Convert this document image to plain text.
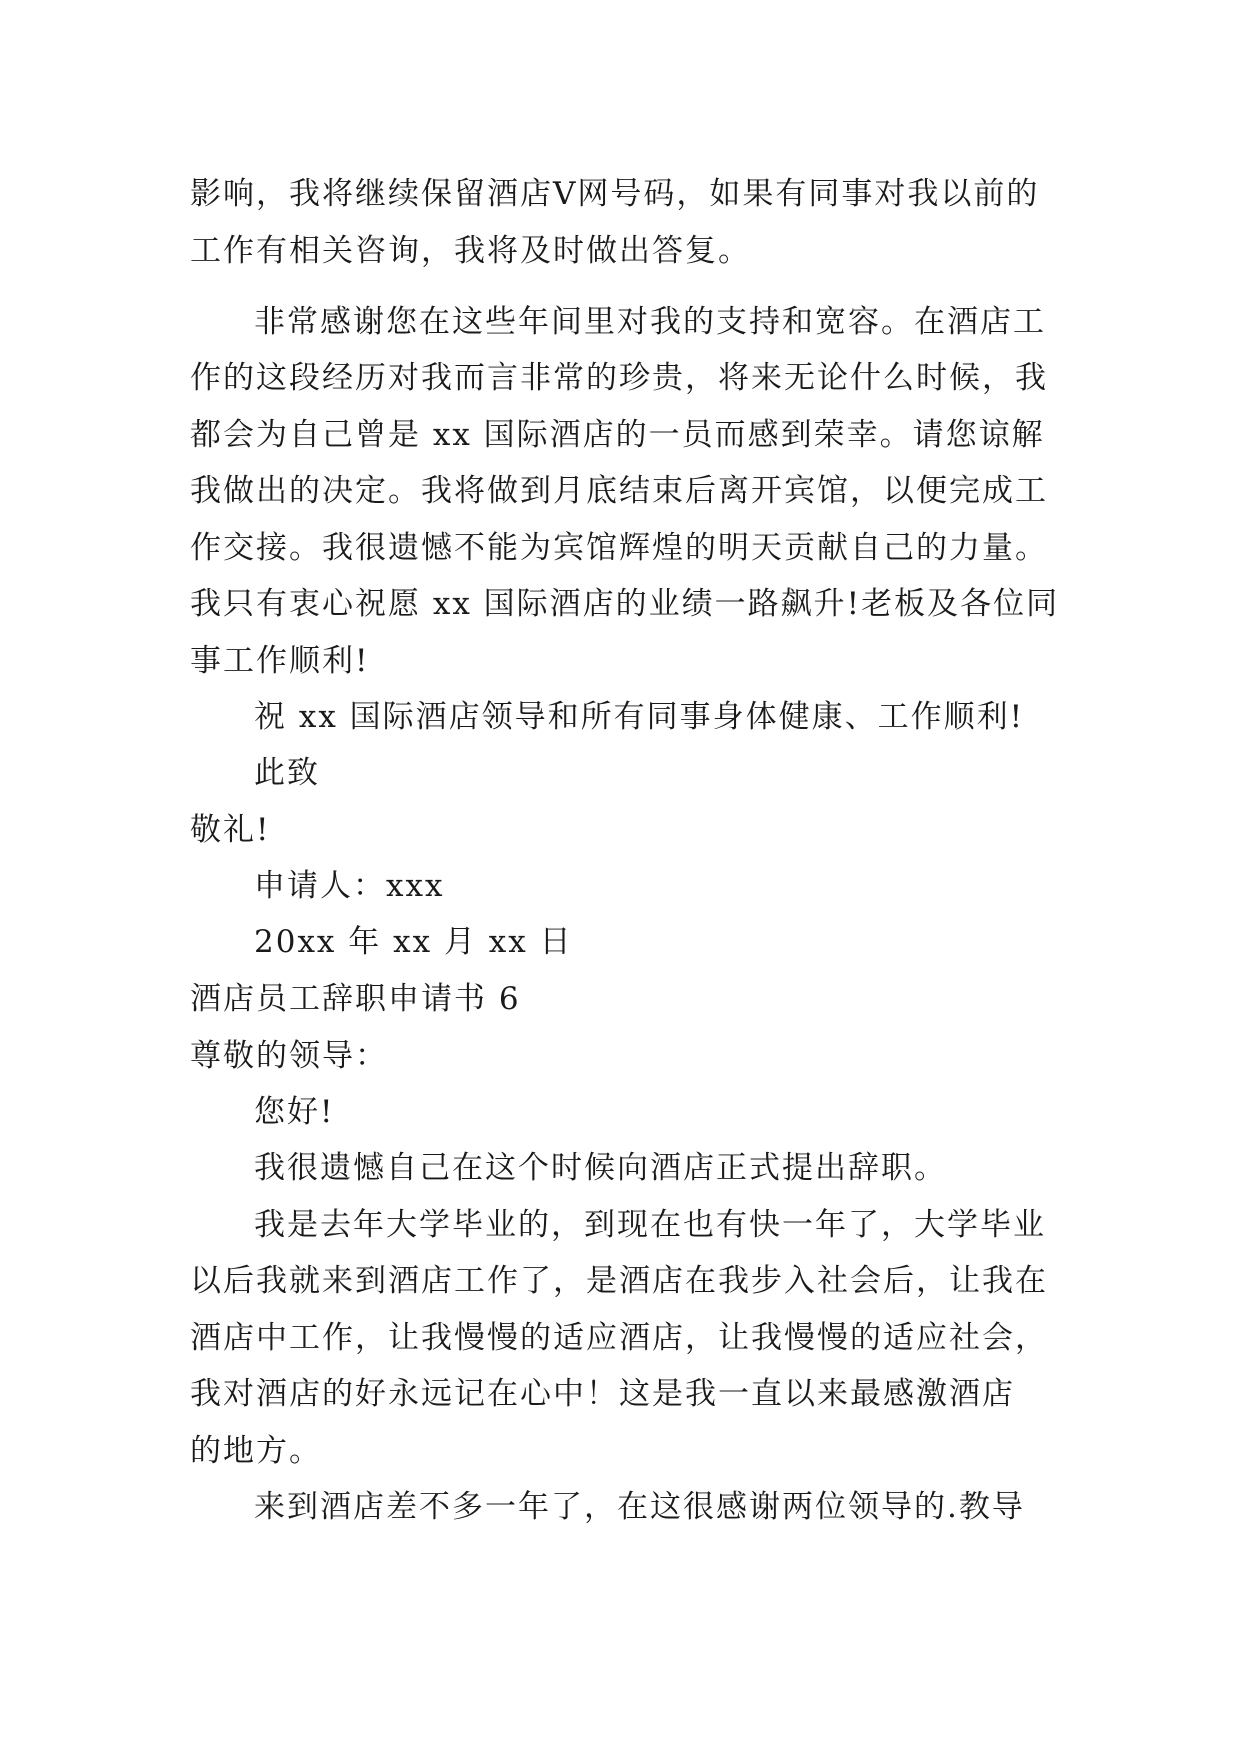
影响，我将继续保留酒店V网号码，如果有同事对我以前的
工作有相关咨询，我将及时做出答复。
非常感谢您在这些年间里对我的支持和宽容。在酒店工
作的这段经历对我而言非常的珍贵，将来无论什么时候，我
都会为自己曾是 xx 国际酒店的一员而感到荣幸。请您谅解
我做出的决定。我将做到月底结束后离开宾馆，以便完成工
作交接。我很遗憾不能为宾馆辉煌的明天贡献自己的力量。
我只有衷心祝愿 xx 国际酒店的业绩一路飙升!老板及各位同
事工作顺利!
祝 xx 国际酒店领导和所有同事身体健康、工作顺利!
此致
敬礼!
申请人：xxx
20xx 年 xx 月 xx 日
酒店员工辞职申请书 6
尊敬的领导：
您好!
我很遗憾自己在这个时候向酒店正式提出辞职。
我是去年大学毕业的，到现在也有快一年了，大学毕业
以后我就来到酒店工作了，是酒店在我步入社会后，让我在
酒店中工作，让我慢慢的适应酒店，让我慢慢的适应社会，
我对酒店的好永远记在心中！这是我一直以来最感激酒店
的地方。
来到酒店差不多一年了，在这很感谢两位领导的.教导
